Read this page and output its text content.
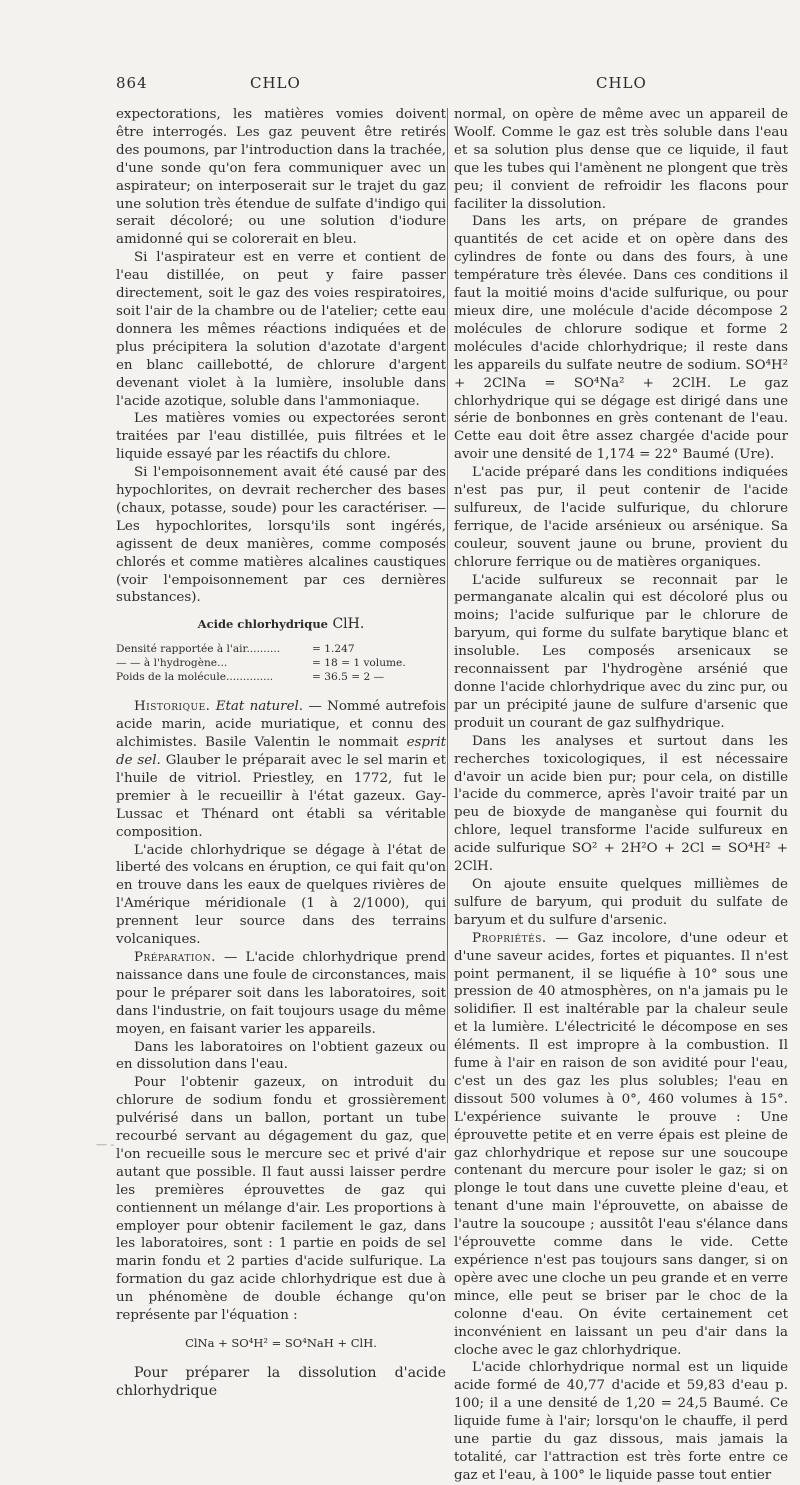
864	CHLO	CHLO

expectorations, les matières vomies doivent être interrogés. Les gaz peuvent être retirés des poumons, par l'introduction dans la trachée, d'une sonde qu'on fera communiquer avec un aspirateur; on interposerait sur le trajet du gaz une solution très étendue de sulfate d'indigo qui serait décoloré; ou une solution d'iodure amidonné qui se colorerait en bleu.

Si l'aspirateur est en verre et contient de l'eau distillée, on peut y faire passer directement, soit le gaz des voies respiratoires, soit l'air de la chambre ou de l'atelier; cette eau donnera les mêmes réactions indiquées et de plus précipitera la solution d'azotate d'argent en blanc caillebotté, de chlorure d'argent devenant violet à la lumière, insoluble dans l'acide azotique, soluble dans l'ammoniaque.

Les matières vomies ou expectorées seront traitées par l'eau distillée, puis filtrées et le liquide essayé par les réactifs du chlore.

Si l'empoisonnement avait été causé par des hypochlorites, on devrait rechercher des bases (chaux, potasse, soude) pour les caractériser. — Les hypochlorites, lorsqu'ils sont ingérés, agissent de deux manières, comme composés chlorés et comme matières alcalines caustiques (voir l'empoisonnement par ces dernières substances).

Acide chlorhydrique ClH.
Densité rapportée à l'air..........	= 1.247
— — à l'hydrogène...	= 18 = 1 volume.
Poids de la molécule..............	= 36.5 = 2 —

Historique. Etat naturel. — Nommé autrefois acide marin, acide muriatique, et connu des alchimistes. Basile Valentin le nommait esprit de sel. Glauber le préparait avec le sel marin et l'huile de vitriol. Priestley, en 1772, fut le premier à le recueillir à l'état gazeux. Gay-Lussac et Thénard ont établi sa véritable composition.

L'acide chlorhydrique se dégage à l'état de liberté des volcans en éruption, ce qui fait qu'on en trouve dans les eaux de quelques rivières de l'Amérique méridionale (1 à 2/1000), qui prennent leur source dans des terrains volcaniques.

Préparation. — L'acide chlorhydrique prend naissance dans une foule de circonstances, mais pour le préparer soit dans les laboratoires, soit dans l'industrie, on fait toujours usage du même moyen, en faisant varier les appareils.

Dans les laboratoires on l'obtient gazeux ou en dissolution dans l'eau.

Pour l'obtenir gazeux, on introduit du chlorure de sodium fondu et grossièrement pulvérisé dans un ballon, portant un tube recourbé servant au dégagement du gaz, que l'on recueille sous le mercure sec et privé d'air autant que possible. Il faut aussi laisser perdre les premières éprouvettes de gaz qui contiennent un mélange d'air. Les proportions à employer pour obtenir facilement le gaz, dans les laboratoires, sont : 1 partie en poids de sel marin fondu et 2 parties d'acide sulfurique. La formation du gaz acide chlorhydrique est due à un phénomène de double échange qu'on représente par l'équation :

ClNa + SO⁴H² = SO⁴NaH + ClH.

Pour préparer la dissolution d'acide chlorhydrique

normal, on opère de même avec un appareil de Woolf. Comme le gaz est très soluble dans l'eau et sa solution plus dense que ce liquide, il faut que les tubes qui l'amènent ne plongent que très peu; il convient de refroidir les flacons pour faciliter la dissolution.

Dans les arts, on prépare de grandes quantités de cet acide et on opère dans des cylindres de fonte ou dans des fours, à une température très élevée. Dans ces conditions il faut la moitié moins d'acide sulfurique, ou pour mieux dire, une molécule d'acide décompose 2 molécules de chlorure sodique et forme 2 molécules d'acide chlorhydrique; il reste dans les appareils du sulfate neutre de sodium. SO⁴H² + 2ClNa = SO⁴Na² + 2ClH. Le gaz chlorhydrique qui se dégage est dirigé dans une série de bonbonnes en grès contenant de l'eau. Cette eau doit être assez chargée d'acide pour avoir une densité de 1,174 = 22° Baumé (Ure).

L'acide préparé dans les conditions indiquées n'est pas pur, il peut contenir de l'acide sulfureux, de l'acide sulfurique, du chlorure ferrique, de l'acide arsénieux ou arsénique. Sa couleur, souvent jaune ou brune, provient du chlorure ferrique ou de matières organiques.

L'acide sulfureux se reconnait par le permanganate alcalin qui est décoloré plus ou moins; l'acide sulfurique par le chlorure de baryum, qui forme du sulfate barytique blanc et insoluble. Les composés arsenicaux se reconnaissent par l'hydrogène arsénié que donne l'acide chlorhydrique avec du zinc pur, ou par un précipité jaune de sulfure d'arsenic que produit un courant de gaz sulfhydrique.

Dans les analyses et surtout dans les recherches toxicologiques, il est nécessaire d'avoir un acide bien pur; pour cela, on distille l'acide du commerce, après l'avoir traité par un peu de bioxyde de manganèse qui fournit du chlore, lequel transforme l'acide sulfureux en acide sulfurique SO² + 2H²O + 2Cl = SO⁴H² + 2ClH.

On ajoute ensuite quelques millièmes de sulfure de baryum, qui produit du sulfate de baryum et du sulfure d'arsenic.

Propriétés. — Gaz incolore, d'une odeur et d'une saveur acides, fortes et piquantes. Il n'est point permanent, il se liquéfie à 10° sous une pression de 40 atmosphères, on n'a jamais pu le solidifier. Il est inaltérable par la chaleur seule et la lumière. L'électricité le décompose en ses éléments. Il est impropre à la combustion. Il fume à l'air en raison de son avidité pour l'eau, c'est un des gaz les plus solubles; l'eau en dissout 500 volumes à 0°, 460 volumes à 15°. L'expérience suivante le prouve : Une éprouvette petite et en verre épais est pleine de gaz chlorhydrique et repose sur une soucoupe contenant du mercure pour isoler le gaz; si on plonge le tout dans une cuvette pleine d'eau, et tenant d'une main l'éprouvette, on abaisse de l'autre la soucoupe ; aussitôt l'eau s'élance dans l'éprouvette comme dans le vide. Cette expérience n'est pas toujours sans danger, si on opère avec une cloche un peu grande et en verre mince, elle peut se briser par le choc de la colonne d'eau. On évite certainement cet inconvénient en laissant un peu d'air dans la cloche avec le gaz chlorhydrique.

L'acide chlorhydrique normal est un liquide acide formé de 40,77 d'acide et 59,83 d'eau p. 100; il a une densité de 1,20 = 24,5 Baumé. Ce liquide fume à l'air; lorsqu'on le chauffe, il perd une partie du gaz dissous, mais jamais la totalité, car l'attraction est très forte entre ce gaz et l'eau, à 100° le liquide passe tout entier

— -
